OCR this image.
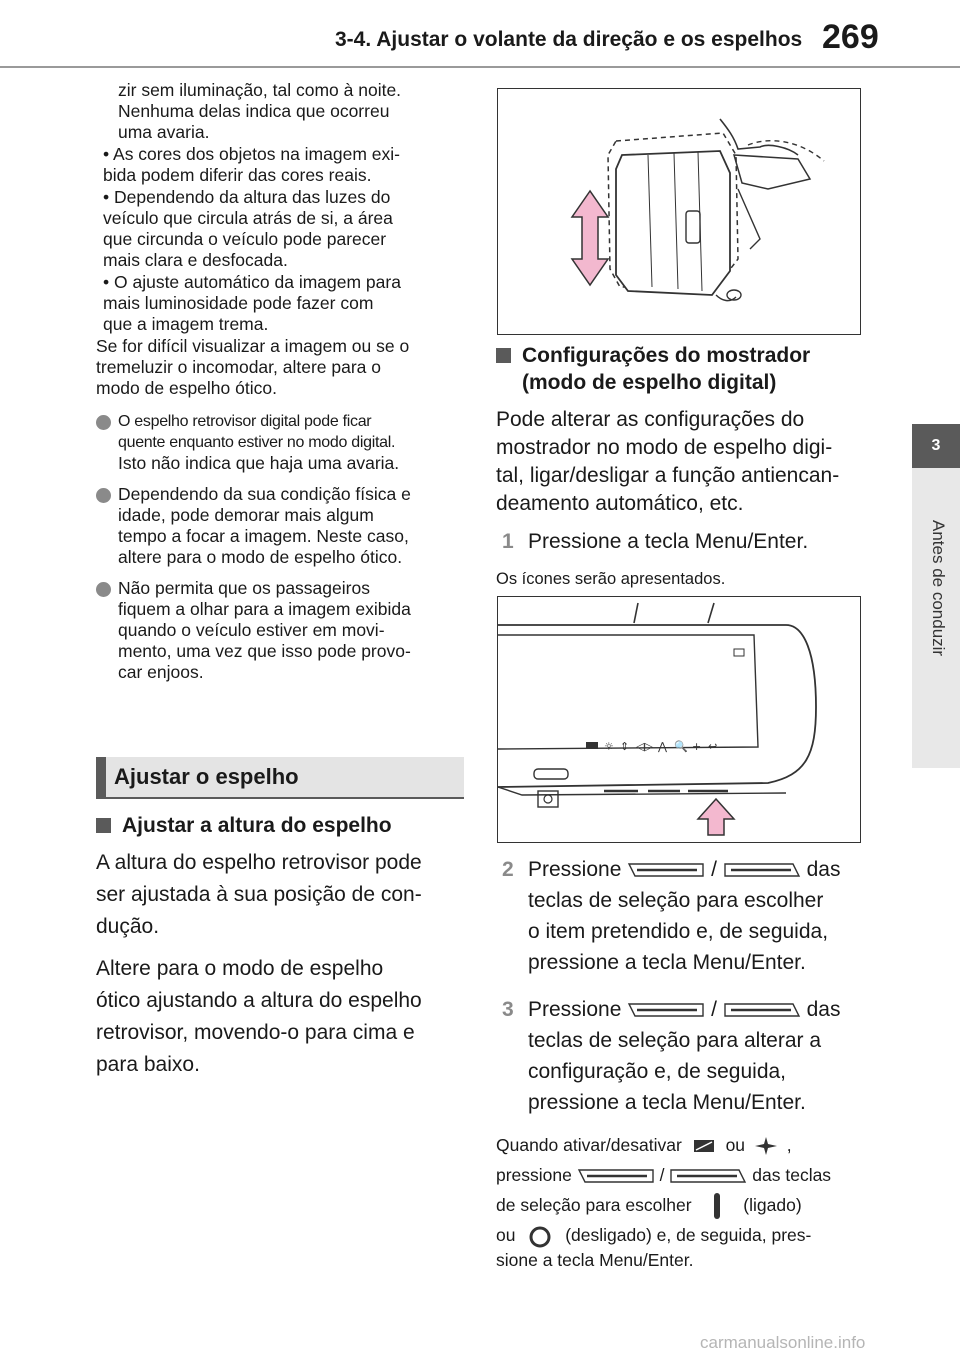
3-4. Ajustar o volante da direção e os espelhos 269
3
Antes de conduzir
zir sem iluminação, tal como à noite.
Nenhuma delas indica que ocorreu
uma avaria.
• As cores dos objetos na imagem exi-
bida podem diferir das cores reais.
• Dependendo da altura das luzes do
veículo que circula atrás de si, a área
que circunda o veículo pode parecer
mais clara e desfocada.
• O ajuste automático da imagem para
mais luminosidade pode fazer com
que a imagem trema.
Se for difícil visualizar a imagem ou se o
tremeluzir o incomodar, altere para o
modo de espelho ótico.
O espelho retrovisor digital pode ficar
quente enquanto estiver no modo digital.
Isto não indica que haja uma avaria.
Dependendo da sua condição física e
idade, pode demorar mais algum
tempo a focar a imagem. Neste caso,
altere para o modo de espelho ótico.
Não permita que os passageiros
fiquem a olhar para a imagem exibida
quando o veículo estiver em movi-
mento, uma vez que isso pode provo-
car enjoos.
Ajustar o espelho
Ajustar a altura do espelho
A altura do espelho retrovisor pode
ser ajustada à sua posição de con-
dução.
Altere para o modo de espelho
ótico ajustando a altura do espelho
retrovisor, movendo-o para cima e
para baixo.
Configurações do mostrador
(modo de espelho digital)
Pode alterar as configurações do
mostrador no modo de espelho digi-
tal, ligar/desligar a função antiencan-
deamento automático, etc.
1 Pressione a tecla Menu/Enter.
Os ícones serão apresentados.
☼ ⇕ ◁▷ ⋀ 🔍 + ↩
2 Pressione	/	das
teclas de seleção para escolher
o item pretendido e, de seguida,
pressione a tecla Menu/Enter.
3 Pressione	/	das
teclas de seleção para alterar a
configuração e, de seguida,
pressione a tecla Menu/Enter.
Quando ativar/desativar	ou ,
pressione	/	das teclas
de seleção para escolher	(ligado)
ou	(desligado) e, de seguida, pres-
sione a tecla Menu/Enter.
carmanualsonline.info
